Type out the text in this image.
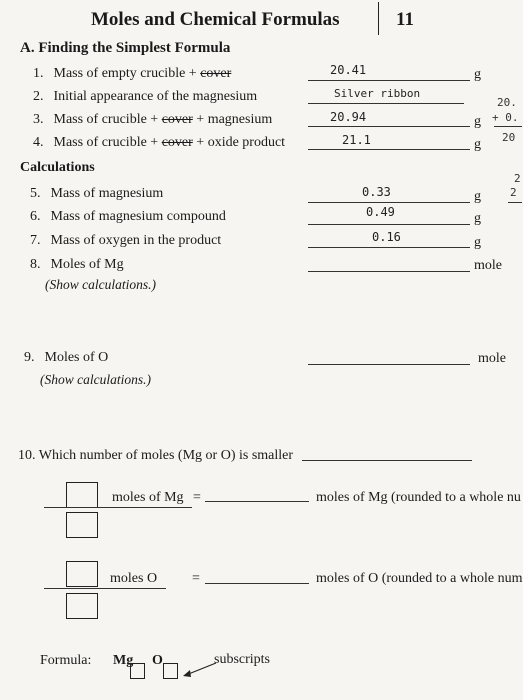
Moles and Chemical Formulas	11
A. Finding the Simplest Formula
1. Mass of empty crucible + cover	20.41	g
2. Initial appearance of the magnesium	Silver ribbon
3. Mass of crucible + cover + magnesium	20.94	g
4. Mass of crucible + cover + oxide product	21.1	g
20.
+ 0.
20
2
2
Calculations
5. Mass of magnesium	0.33	g
6. Mass of magnesium compound	0.49	g
7. Mass of oxygen in the product	0.16	g
8. Moles of Mg	mole
(Show calculations.)
9. Moles of O	mole
(Show calculations.)
10. Which number of moles (Mg or O) is smaller
moles of Mg =	moles of Mg (rounded to a whole nu
moles O =	moles of O (rounded to a whole num
Formula: Mg O	subscripts
